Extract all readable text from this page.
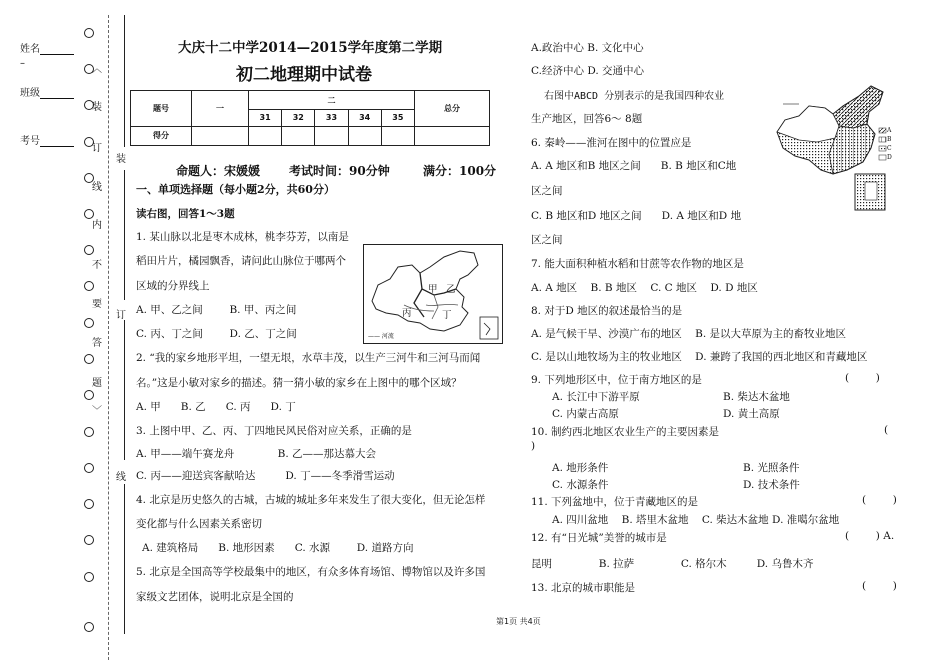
姓名
–
班级
考号
︿
装
订
线
内
不
要
答
题
﹀
装
订
线
大庆十二中学2014—2015学年度第二学期
初二地理期中试卷
题号	一	二					总分
		31	32	33	34	35	
得分							
命题人：宋媛媛 考试时间：90分钟	满分：100分
一、单项选择题（每小题2分，共60分）
读右图，回答1～3题
1. 某山脉以北是枣木成林，桃李芬芳，以南是
稻田片片，橘园飘香，请问此山脉位于哪两个
区域的分界线上
A. 甲、乙之间        B. 甲、丙之间
C. 丙、丁之间        D. 乙、丁之间
甲 乙
丙	丁
—— 河流
2. “我的家乡地形平坦，一望无垠，水草丰茂，以生产三河牛和三河马而闻
名。”这是小敏对家乡的描述。猜一猜小敏的家乡在上图中的哪个区域？
A. 甲      B. 乙      C. 丙      D. 丁
3. 上图中甲、乙、丙、丁四地民风民俗对应关系，正确的是
A. 甲——端午赛龙舟             B. 乙——那达慕大会
C. 丙——迎送宾客献哈达         D. 丁——冬季滑雪运动
4. 北京是历史悠久的古城，古城的城址多年来发生了很大变化，但无论怎样
变化都与什么因素关系密切
A. 建筑格局      B. 地形因素      C. 水源        D. 道路方向
5. 北京是全国高等学校最集中的地区，有众多体育场馆、博物馆以及许多国
家级文艺团体，说明北京是全国的
A.政治中心 B. 文化中心
C.经济中心 D. 交通中心
右图中ABCD 分别表示的是我国四种农业
生产地区，回答6～ 8题
A
B
C
D
6. 秦岭——淮河在图中的位置应是
A. A 地区和B 地区之间      B. B 地区和C地
区之间
C. B 地区和D 地区之间      D. A 地区和D 地
区之间
7. 能大面积种植水稻和甘蔗等农作物的地区是
A. A 地区    B. B 地区    C. C 地区    D. D 地区
8. 对于D 地区的叙述最恰当的是
A. 是气候干旱、沙漠广布的地区    B. 是以大草原为主的畜牧业地区
C. 是以山地牧场为主的牧业地区    D. 兼跨了我国的西北地区和青藏地区
9. 下列地形区中，位于南方地区的是	(        )
A. 长江中下游平原	B. 柴达木盆地
C. 内蒙古高原	D. 黄土高原
10. 制约西北地区农业生产的主要因素是	(
)
A. 地形条件	B. 光照条件
C. 水源条件	D. 技术条件
11. 下列盆地中，位于青藏地区的是	(        )
A. 四川盆地    B. 塔里木盆地    C. 柴达木盆地 D. 准噶尔盆地
12. 有“日光城”美誉的城市是	(        ) A.
昆明              B. 拉萨              C. 格尔木         D. 乌鲁木齐
13. 北京的城市职能是	(        )
第1页 共4页
